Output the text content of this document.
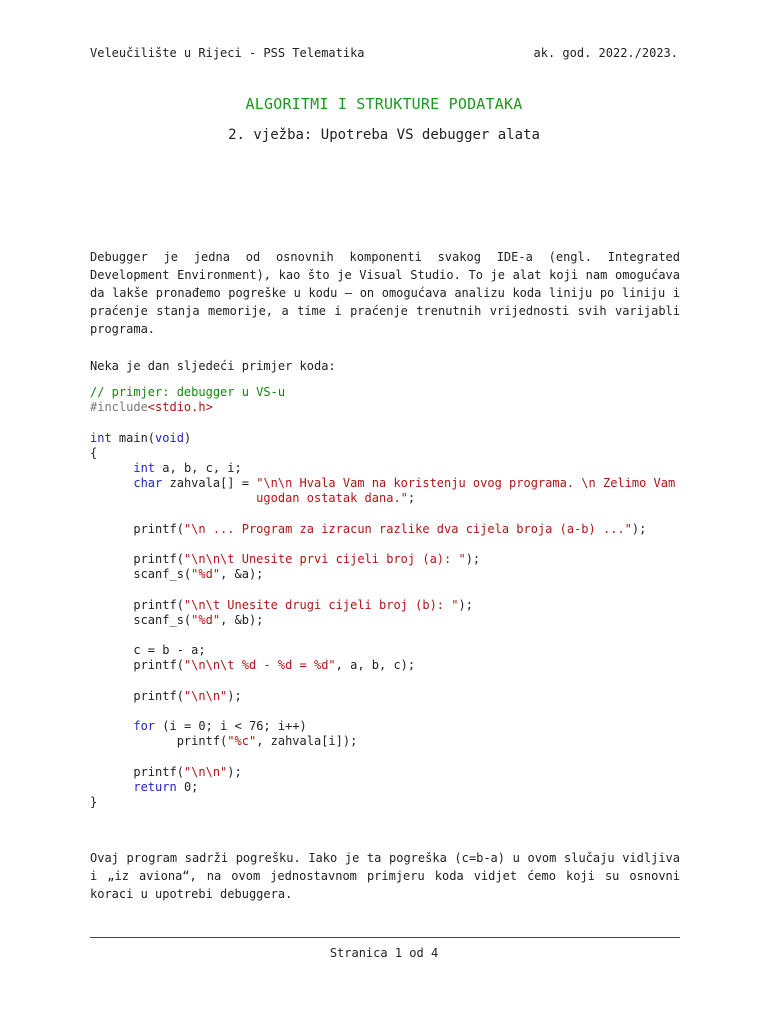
Veleučilište u Rijeci - PSS Telematika	ak. god. 2022./2023.
ALGORITMI I STRUKTURE PODATAKA
2. vježba: Upotreba VS debugger alata

Debugger je jedna od osnovnih komponenti svakog IDE-a (engl. Integrated Development Environment), kao što je Visual Studio. To je alat koji nam omogućava da lakše pronađemo pogreške u kodu – on omogućava analizu koda liniju po liniju i praćenje stanja memorije, a time i praćenje trenutnih vrijednosti svih varijabli programa.

Neka je dan sljedeći primjer koda:

// primjer: debugger u VS-u
#include<stdio.h>

int main(void)
{
int a, b, c, i;
char zahvala[] = "\n\n Hvala Vam na koristenju ovog programa. \n Zelimo Vam
ugodan ostatak dana.";

printf("\n ... Program za izracun razlike dva cijela broja (a-b) ...");

printf("\n\n\t Unesite prvi cijeli broj (a): ");
scanf_s("%d", &a);

printf("\n\t Unesite drugi cijeli broj (b): ");
scanf_s("%d", &b);

c = b - a;
printf("\n\n\t %d - %d = %d", a, b, c);

printf("\n\n");

for (i = 0; i < 76; i++)
printf("%c", zahvala[i]);

printf("\n\n");
return 0;
}

Ovaj program sadrži pogrešku. Iako je ta pogreška (c=b-a) u ovom slučaju vidljiva i „iz aviona“, na ovom jednostavnom primjeru koda vidjet ćemo koji su osnovni koraci u upotrebi debuggera.

Stranica 1 od 4
